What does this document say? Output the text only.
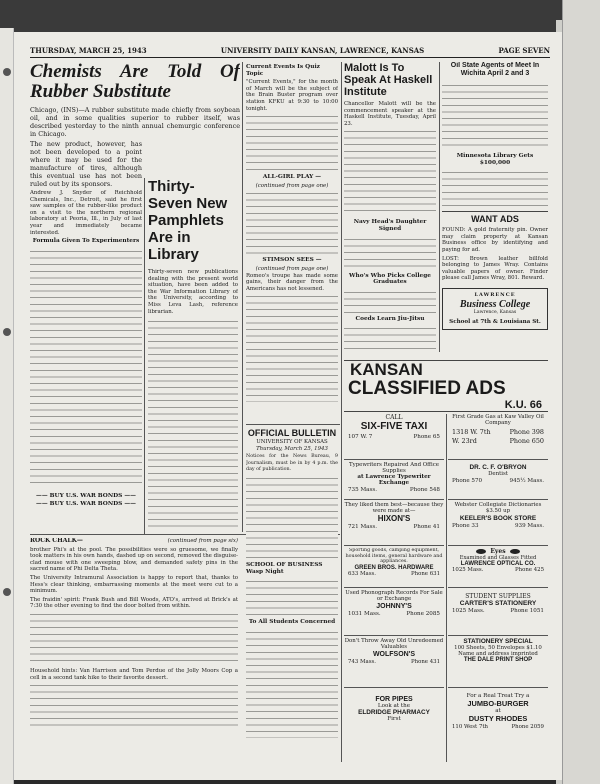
THURSDAY, MARCH 25, 1943	UNIVERSITY DAILY KANSAN, LAWRENCE, KANSAS	PAGE SEVEN
Chemists Are Told Of Rubber Substitute

Chicago, (INS)—A rubber substitute made chiefly from soybean oil, and in some qualities superior to rubber itself, was described yesterday to the ninth annual chemurgic conference in Chicago.

The new product, however, has not been developed to a point where it may be used for the manufacture of tires, although this eventual use has not been ruled out by its sponsors.

Andrew J. Snyder of Reichhold Chemicals, Inc., Detroit, said he first saw samples of the rubber-like product on a visit to the northern regional laboratory at Peoria, Ill., in July of last year and immediately became interested.

Formula Given To Experimenters

—— BUY U.S. WAR BONDS ——

—— BUY U.S. WAR BONDS ——

Thirty-Seven New Pamphlets Are in Library

Thirty-seven new publications dealing with the present world situation, have been added to the War Information Library of the University, according to Miss Leva Lash, reference librarian.

Current Events Is Quiz Topic

"Current Events," for the month of March will be the subject of the Brain Buster program over station KFKU at 9:30 to 10:00 tonight.

ALL-GIRL PLAY —

(continued from page one)

STIMSON SEES —

(continued from page one)

Romeo's troupe has made some gains, their danger from the Americans has not lessened.

Malott Is To Speak At Haskell Institute

Chancellor Malott will be the commencement speaker at the Haskell Institute, Tuesday, April 23.

Navy Head's Daughter Signed

Who's Who Picks College Graduates

Coeds Learn Jiu-Jitsu

Oil State Agents of Meet In Wichita April 2 and 3

Minnesota Library Gets $100,000

WANT ADS

FOUND: A gold fraternity pin. Owner may claim property at Kansan Business office by identifying and paying for ad.

LOST: Brown leather billfold belonging to James Wray. Contains valuable papers of owner. Finder please call James Wray, 801. Reward.

LAWRENCE
Business College
Lawrence, Kansas
School at 7th & Louisiana St.
ROCK CHALK—	(continued from page six)

brother Phi's at the pool. The possibilities were so gruesome, we finally took matters in his own hands, dashed up on second, removed the disguise-clad mouse with one sweeping blow, and demanded safety pins in the sacred name of Phi Delta Theta.

The University Intramural Association is happy to report that, thanks to Hess's clear thinking, embarrassing moments at the meet were cut to a minimum.

The fraidin' spirit: Frank Bush and Bill Woods, ATO's, arrived at Brick's at 7:30 the other evening to find the door bolted from within.

Household hints: Van Harrison and Tom Perdue of the Jolly Moors Cop a cell in a second tank hike to their favorite dessert.

OFFICIAL BULLETIN

UNIVERSITY OF KANSAS

Thursday, March 25, 1943

Notices for the News Bureau, 9 Journalism, must be in by 4 p.m. the day of publication.

SCHOOL OF BUSINESS Wasp Night

To All Students Concerned

KANSAN
CLASSIFIED ADS
K.U. 66
CALL
SIX-FIVE TAXI
107 W. 7	Phone 65
Typewriters Repaired And Office Supplies
at Lawrence Typewriter Exchange
735 Mass.	Phone 548
They liked them best—because they were made at—
HIXON'S
721 Mass.	Phone 41
Sporting goods, camping equipment, household items, general hardware and appliances.
GREEN BROS. HARDWARE
633 Mass.	Phone 631
Used Phonograph Records For Sale or Exchange
JOHNNY'S
1031 Mass.	Phone 2085
Don't Throw Away Old Unredeemed Valuables
WOLFSON'S
743 Mass.	Phone 431
FOR PIPES
Look at the
ELDRIDGE PHARMACY
First
First Grade Gas at Kaw Valley Oil Company
1318 W. 7th	Phone 398
W. 23rd	Phone 650
DR. C. F. O'BRYON
Dentist
Phone 570	945½ Mass.
Webster Collegiate Dictionaries $3.50 up
KEELER'S BOOK STORE
Phone 33	939 Mass.
Eyes
Examined and Glasses Fitted
LAWRENCE OPTICAL CO.
1025 Mass.	Phone 425
STUDENT SUPPLIES
CARTER'S STATIONERY
1025 Mass.	Phone 1051
STATIONERY SPECIAL
100 Sheets, 50 Envelopes $1.10
Name and address imprinted
THE DALE PRINT SHOP
For a Real Treat Try a
JUMBO-BURGER
at
DUSTY RHODES
110 West 7th	Phone 2059
